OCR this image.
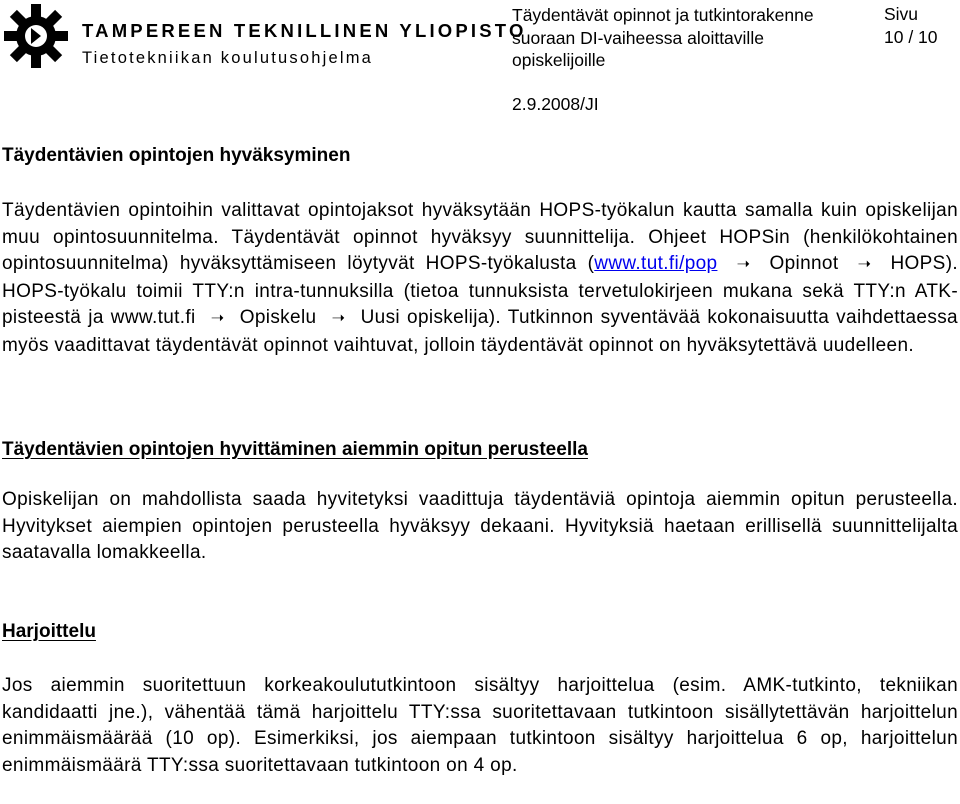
TAMPEREEN TEKNILLINEN YLIOPISTO
Tietotekniikan koulutusohjelma
Täydentävät opinnot ja tutkintorakenne
suoraan DI-vaiheessa aloittaville
opiskelijoille
Sivu
10 / 10
2.9.2008/JI
Täydentävien opintojen hyväksyminen
Täydentävien opintoihin valittavat opintojaksot hyväksytään HOPS-työkalun kautta samalla kuin opiskelijan muu opintosuunnitelma. Täydentävät opinnot hyväksyy suunnittelija. Ohjeet HOPSin (henkilökohtainen opintosuunnitelma) hyväksyttämiseen löytyvät HOPS-työkalusta (www.tut.fi/pop ➝ Opinnot ➝ HOPS). HOPS-työkalu toimii TTY:n intra-tunnuksilla (tietoa tunnuksista tervetulokirjeen mukana sekä TTY:n ATK-pisteestä ja www.tut.fi ➝ Opiskelu ➝ Uusi opiskelija). Tutkinnon syventävää kokonaisuutta vaihdettaessa myös vaadittavat täydentävät opinnot vaihtuvat, jolloin täydentävät opinnot on hyväksytettävä uudelleen.
Täydentävien opintojen hyvittäminen aiemmin opitun perusteella
Opiskelijan on mahdollista saada hyvitetyksi vaadittuja täydentäviä opintoja aiemmin opitun perusteella. Hyvitykset aiempien opintojen perusteella hyväksyy dekaani. Hyvityksiä haetaan erillisellä suunnittelijalta saatavalla lomakkeella.
Harjoittelu
Jos aiemmin suoritettuun korkeakoulututkintoon sisältyy harjoittelua (esim. AMK-tutkinto, tekniikan kandidaatti jne.), vähentää tämä harjoittelu TTY:ssa suoritettavaan tutkintoon sisällytettävän harjoittelun enimmäismäärää (10 op). Esimerkiksi, jos aiempaan tutkintoon sisältyy harjoittelua 6 op, harjoittelun enimmäismäärä TTY:ssa suoritettavaan tutkintoon on 4 op.
